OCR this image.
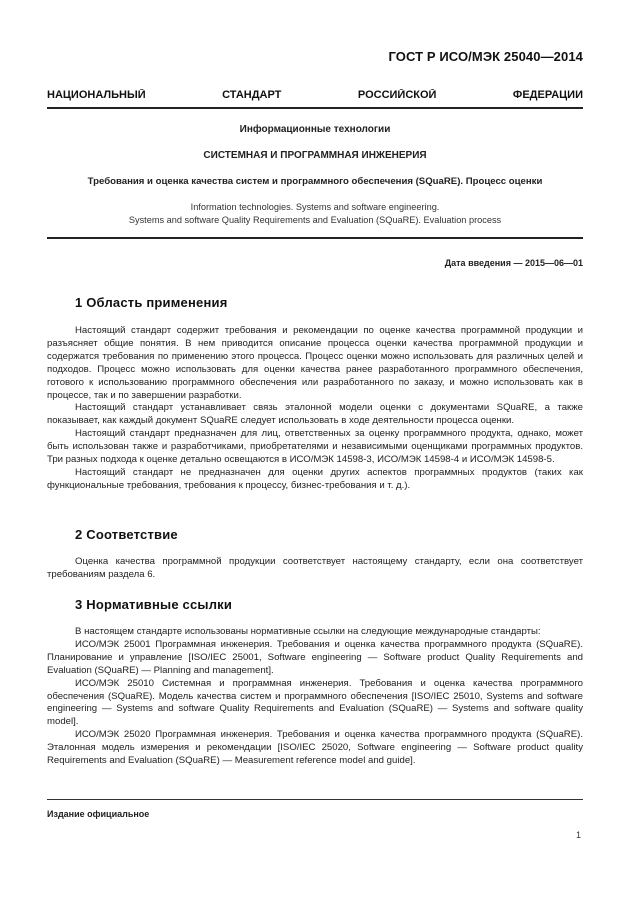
ГОСТ Р ИСО/МЭК 25040—2014
НАЦИОНАЛЬНЫЙ СТАНДАРТ РОССИЙСКОЙ ФЕДЕРАЦИИ
Информационные технологии
СИСТЕМНАЯ И ПРОГРАММНАЯ ИНЖЕНЕРИЯ
Требования и оценка качества систем и программного обеспечения (SQuaRE). Процесс оценки
Information technologies. Systems and software engineering.
Systems and software Quality Requirements and Evaluation (SQuaRE). Evaluation process
Дата введения — 2015—06—01
1 Область применения

Настоящий стандарт содержит требования и рекомендации по оценке качества программной продукции и разъясняет общие понятия. В нем приводится описание процесса оценки качества программной продукции и содержатся требования по применению этого процесса. Процесс оценки можно использовать для различных целей и подходов. Процесс можно использовать для оценки качества ранее разработанного программного обеспечения, готового к использованию программного обеспечения или разработанного по заказу, и можно использовать как в процессе, так и по завершении разработки.

Настоящий стандарт устанавливает связь эталонной модели оценки с документами SQuaRE, а также показывает, как каждый документ SQuaRE следует использовать в ходе деятельности процесса оценки.

Настоящий стандарт предназначен для лиц, ответственных за оценку программного продукта, однако, может быть использован также и разработчиками, приобретателями и независимыми оценщиками программных продуктов. Три разных подхода к оценке детально освещаются в ИСО/МЭК 14598-3, ИСО/МЭК 14598-4 и ИСО/МЭК 14598-5.

Настоящий стандарт не предназначен для оценки других аспектов программных продуктов (таких как функциональные требования, требования к процессу, бизнес-требования и т. д.).

2 Соответствие

Оценка качества программной продукции соответствует настоящему стандарту, если она соответствует требованиям раздела 6.

3 Нормативные ссылки

В настоящем стандарте использованы нормативные ссылки на следующие международные стандарты:

ИСО/МЭК 25001 Программная инженерия. Требования и оценка качества программного продукта (SQuaRE). Планирование и управление [ISO/IEC 25001, Software engineering — Software product Quality Requirements and Evaluation (SQuaRE) — Planning and management].

ИСО/МЭК 25010 Системная и программная инженерия. Требования и оценка качества программного обеспечения (SQuaRE). Модель качества систем и программного обеспечения [ISO/IEC 25010, Systems and software engineering — Systems and software Quality Requirements and Evaluation (SQuaRE) — Systems and software quality model].

ИСО/МЭК 25020 Программная инженерия. Требования и оценка качества программного продукта (SQuaRE). Эталонная модель измерения и рекомендации [ISO/IEC 25020, Software engineering — Software product quality Requirements and Evaluation (SQuaRE) — Measurement reference model and guide].

Издание официальное
1
